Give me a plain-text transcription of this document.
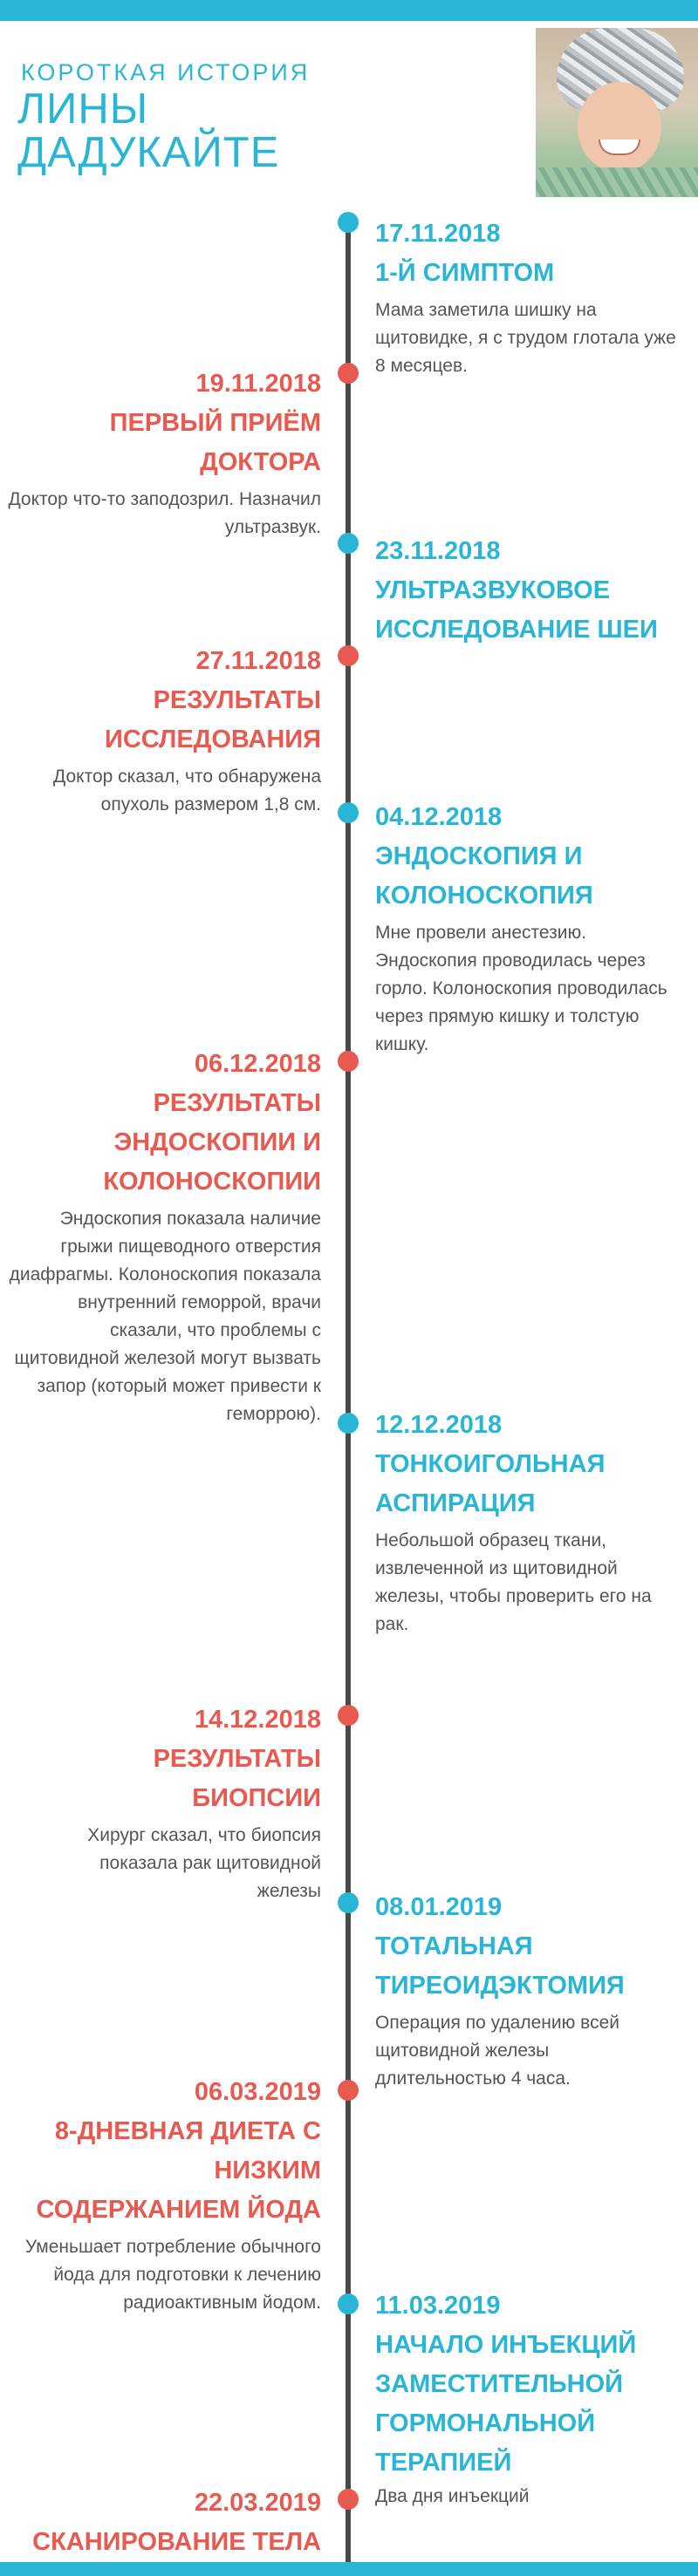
КОРОТКАЯ ИСТОРИЯ
ЛИНЫ
ДАДУКАЙТЕ

17.11.2018

1-Й СИМПТОМ

Мама заметила шишку на щитовидке, я с трудом глотала уже 8 месяцев.

19.11.2018

ПЕРВЫЙ ПРИЁМ ДОКТОРА

Доктор что-то заподозрил. Назначил ультразвук.

23.11.2018

УЛЬТРАЗВУКОВОЕ ИССЛЕДОВАНИЕ ШЕИ

27.11.2018

РЕЗУЛЬТАТЫ ИССЛЕДОВАНИЯ

Доктор сказал, что обнаружена опухоль размером 1,8 см. 04.12.2018

ЭНДОСКОПИЯ И КОЛОНОСКОПИЯ

Мне провели анестезию. Эндоскопия проводилась через горло. Колоноскопия проводилась через прямую кишку и толстую кишку.

06.12.2018

РЕЗУЛЬТАТЫ ЭНДОСКОПИИ И КОЛОНОСКОПИИ

Эндоскопия показала наличие грыжи пищеводного отверстия диафрагмы. Колоноскопия показала внутренний геморрой, врачи сказали, что проблемы с щитовидной железой могут вызвать запор (который может привести к геморрою). 12.12.2018

ТОНКОИГОЛЬНАЯ АСПИРАЦИЯ

Небольшой образец ткани, извлеченной из щитовидной железы, чтобы проверить его на рак.

14.12.2018

РЕЗУЛЬТАТЫ БИОПСИИ

Хирург сказал, что биопсия показала рак щитовидной железы

08.01.2019

ТОТАЛЬНАЯ ТИРЕОИДЭКТОМИЯ

Операция по удалению всей щитовидной железы длительностью 4 часа.

06.03.2019

8-ДНЕВНАЯ ДИЕТА С НИЗКИМ СОДЕРЖАНИЕМ ЙОДА

Уменьшает потребление обычного йода для подготовки к лечению радиоактивным йодом. 11.03.2019

НАЧАЛО ИНЪЕКЦИЙ ЗАМЕСТИТЕЛЬНОЙ ГОРМОНАЛЬНОЙ ТЕРАПИЕЙ

Два дня инъекций

22.03.2019

СКАНИРОВАНИЕ ТЕЛА
